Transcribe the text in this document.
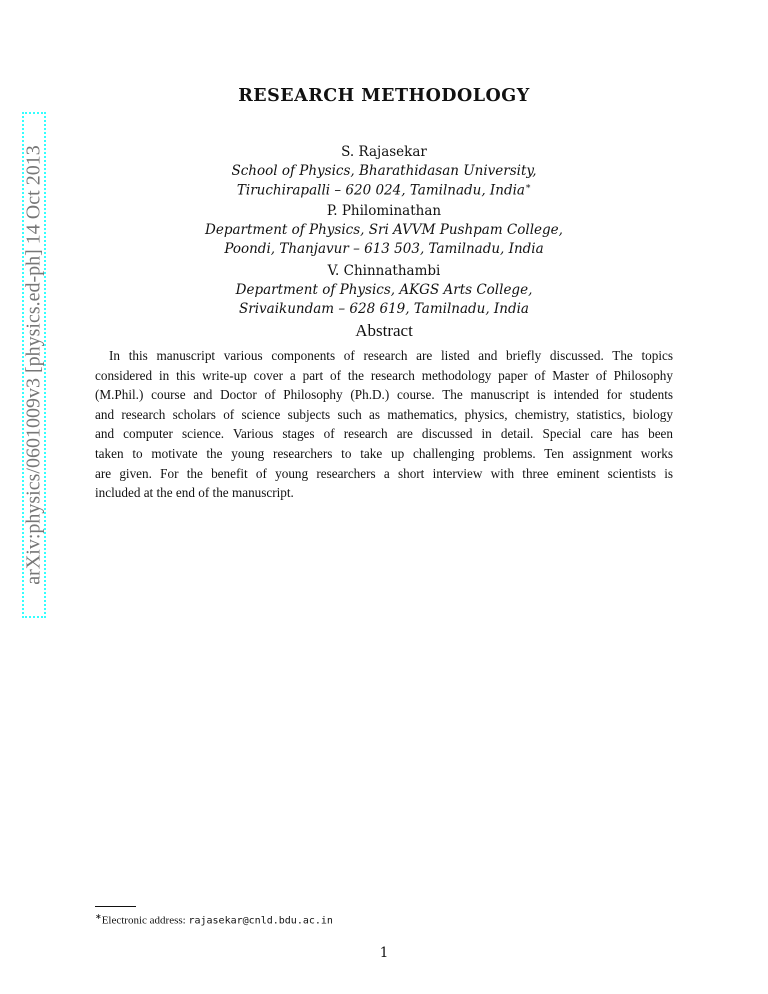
arXiv:physics/0601009v3 [physics.ed-ph] 14 Oct 2013
RESEARCH METHODOLOGY
S. Rajasekar
School of Physics, Bharathidasan University,
Tiruchirapalli – 620 024, Tamilnadu, India∗
P. Philominathan
Department of Physics, Sri AVVM Pushpam College,
Poondi, Thanjavur – 613 503, Tamilnadu, India
V. Chinnathambi
Department of Physics, AKGS Arts College,
Srivaikundam – 628 619, Tamilnadu, India
Abstract
In this manuscript various components of research are listed and briefly discussed. The topics
considered in this write-up cover a part of the research methodology paper of Master of Philosophy
(M.Phil.) course and Doctor of Philosophy (Ph.D.) course. The manuscript is intended for students
and research scholars of science subjects such as mathematics, physics, chemistry, statistics, biology
and computer science. Various stages of research are discussed in detail. Special care has been
taken to motivate the young researchers to take up challenging problems. Ten assignment works
are given. For the benefit of young researchers a short interview with three eminent scientists is
included at the end of the manuscript.
∗Electronic address: rajasekar@cnld.bdu.ac.in
1
